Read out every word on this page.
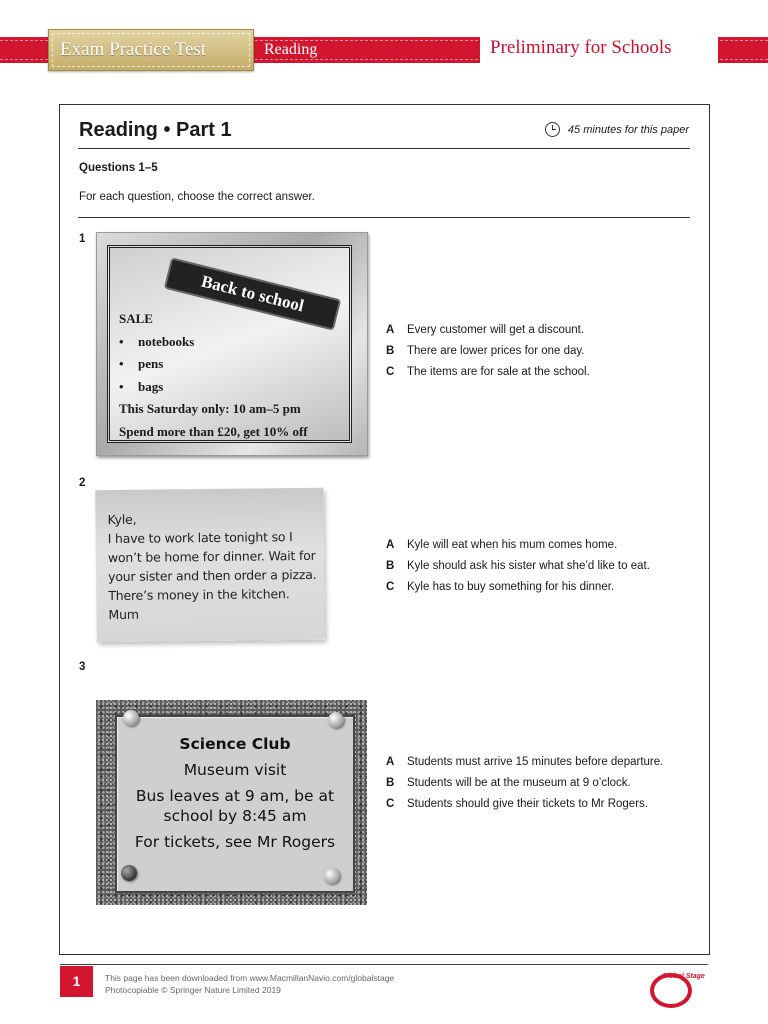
Exam Practice Test	Reading	Preliminary for Schools
Reading • Part 1	45 minutes for this paper
Questions 1–5
For each question, choose the correct answer.
1
Back to school
SALE
• notebooks
• pens
• bags
This Saturday only: 10 am–5 pm
Spend more than £20, get 10% off
A	Every customer will get a discount.
B	There are lower prices for one day.
C	The items are for sale at the school.
2
Kyle,
I have to work late tonight so I
won’t be home for dinner. Wait for
your sister and then order a pizza.
There’s money in the kitchen.
Mum
A	Kyle will eat when his mum comes home.
B	Kyle should ask his sister what she’d like to eat.
C	Kyle has to buy something for his dinner.
3
Science Club
Museum visit
Bus leaves at 9 am, be at school by 8:45 am
For tickets, see Mr Rogers
A	Students must arrive 15 minutes before departure.
B	Students will be at the museum at 9 o’clock.
C	Students should give their tickets to Mr Rogers.
1	This page has been downloaded from www.MacmillanNavio.com/globalstage
Photocopiable © Springer Nature Limited 2019
Global Stage
